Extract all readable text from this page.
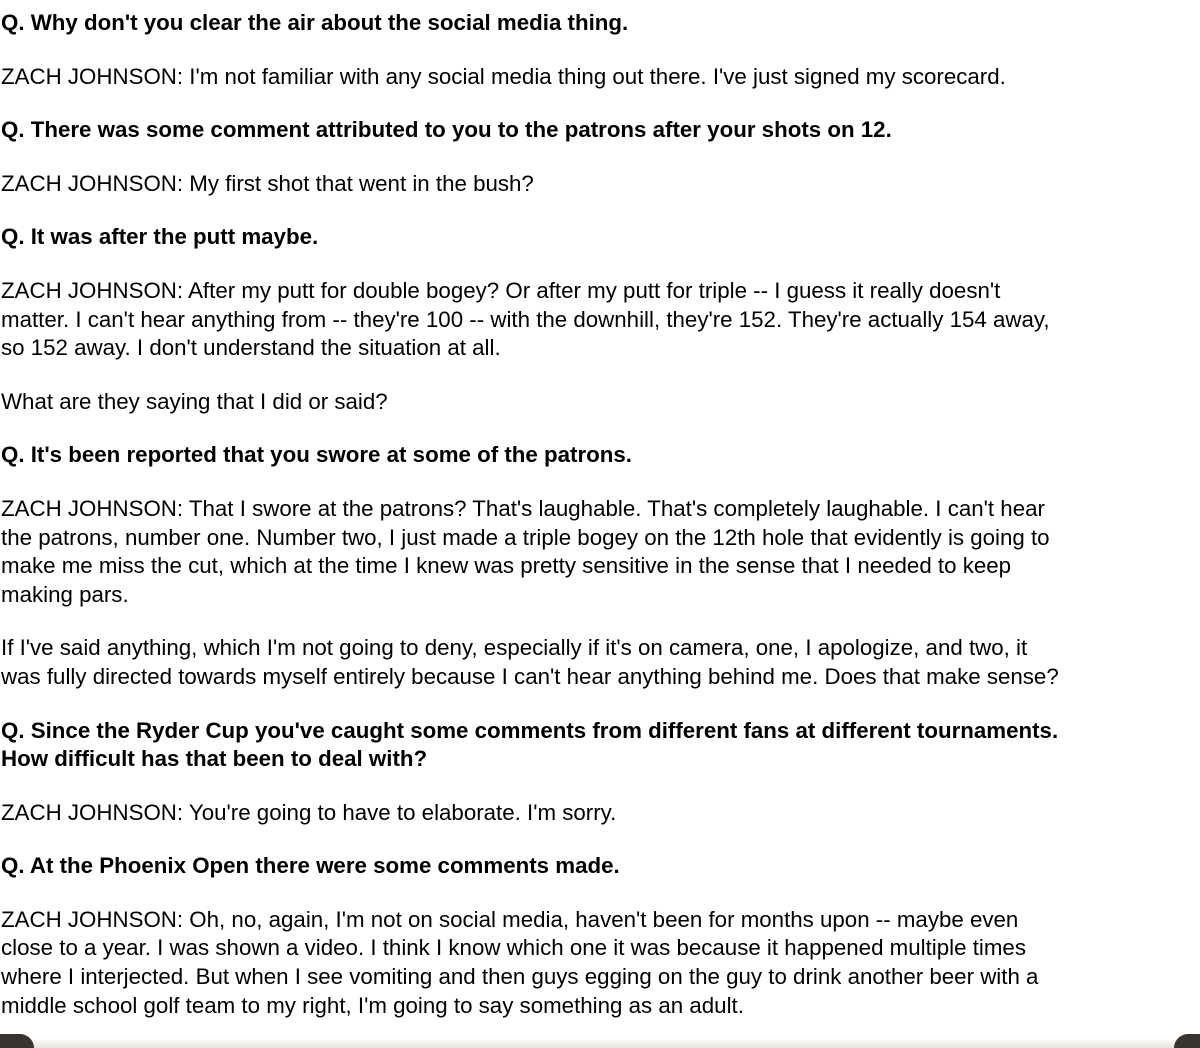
Q. Why don't you clear the air about the social media thing.

ZACH JOHNSON: I'm not familiar with any social media thing out there. I've just signed my scorecard.

Q. There was some comment attributed to you to the patrons after your shots on 12.

ZACH JOHNSON: My first shot that went in the bush?

Q. It was after the putt maybe.

ZACH JOHNSON: After my putt for double bogey? Or after my putt for triple -- I guess it really doesn't
matter. I can't hear anything from -- they're 100 -- with the downhill, they're 152. They're actually 154 away,
so 152 away. I don't understand the situation at all.

What are they saying that I did or said?

Q. It's been reported that you swore at some of the patrons.

ZACH JOHNSON: That I swore at the patrons? That's laughable. That's completely laughable. I can't hear
the patrons, number one. Number two, I just made a triple bogey on the 12th hole that evidently is going to
make me miss the cut, which at the time I knew was pretty sensitive in the sense that I needed to keep
making pars.

If I've said anything, which I'm not going to deny, especially if it's on camera, one, I apologize, and two, it
was fully directed towards myself entirely because I can't hear anything behind me. Does that make sense?

Q. Since the Ryder Cup you've caught some comments from different fans at different tournaments.
How difficult has that been to deal with?

ZACH JOHNSON: You're going to have to elaborate. I'm sorry.

Q. At the Phoenix Open there were some comments made.

ZACH JOHNSON: Oh, no, again, I'm not on social media, haven't been for months upon -- maybe even
close to a year. I was shown a video. I think I know which one it was because it happened multiple times
where I interjected. But when I see vomiting and then guys egging on the guy to drink another beer with a
middle school golf team to my right, I'm going to say something as an adult.
